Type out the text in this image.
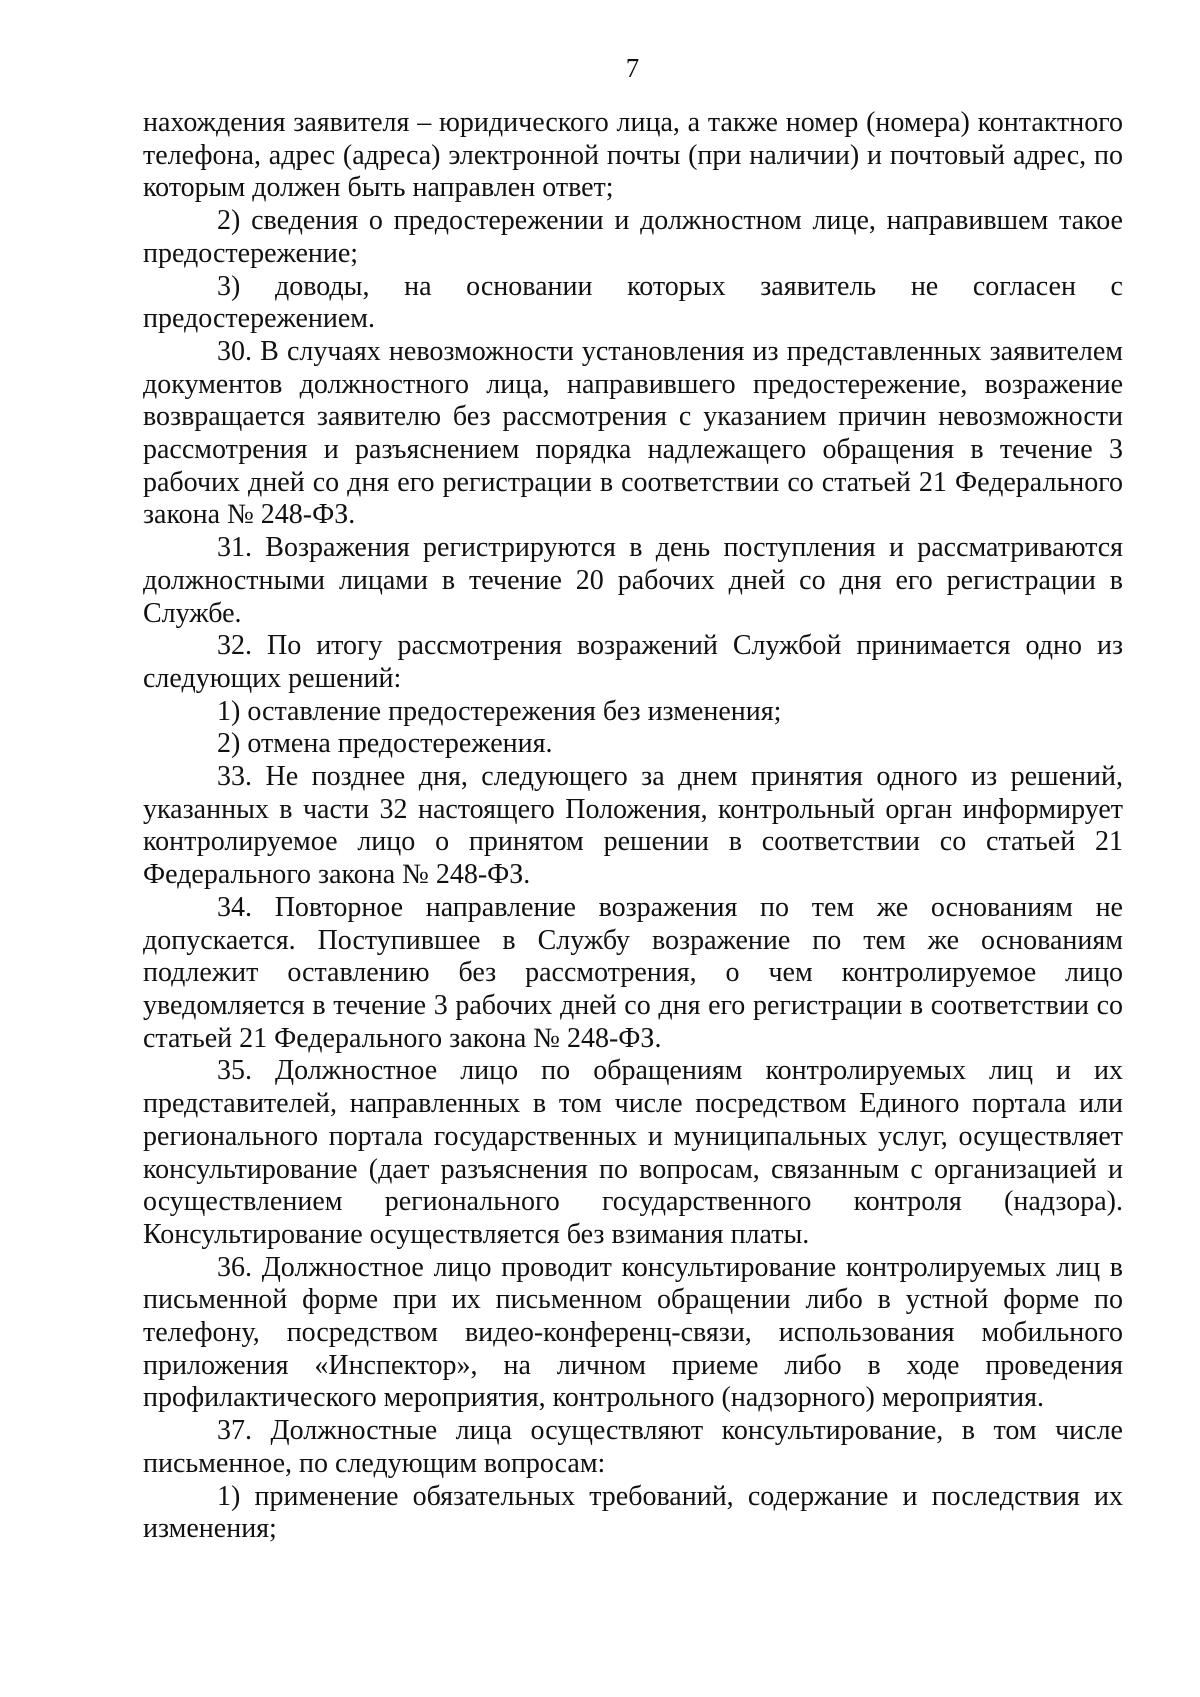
7

нахождения заявителя – юридического лица, а также номер (номера) контактного телефона, адрес (адреса) электронной почты (при наличии) и почтовый адрес, по которым должен быть направлен ответ;

2) сведения о предостережении и должностном лице, направившем такое предостережение;

3) доводы, на основании которых заявитель не согласен с предостережением.

30. В случаях невозможности установления из представленных заявителем документов должностного лица, направившего предостережение, возражение возвращается заявителю без рассмотрения с указанием причин невозможности рассмотрения и разъяснением порядка надлежащего обращения в течение 3 рабочих дней со дня его регистрации в соответствии со статьей 21 Федерального закона № 248-ФЗ.

31. Возражения регистрируются в день поступления и рассматриваются должностными лицами в течение 20 рабочих дней со дня его регистрации в Службе.

32. По итогу рассмотрения возражений Службой принимается одно из следующих решений:

1) оставление предостережения без изменения;

2) отмена предостережения.

33. Не позднее дня, следующего за днем принятия одного из решений, указанных в части 32 настоящего Положения, контрольный орган информирует контролируемое лицо о принятом решении в соответствии со статьей 21 Федерального закона № 248-ФЗ.

34. Повторное направление возражения по тем же основаниям не допускается. Поступившее в Службу возражение по тем же основаниям подлежит оставлению без рассмотрения, о чем контролируемое лицо уведомляется в течение 3 рабочих дней со дня его регистрации в соответствии со статьей 21 Федерального закона № 248-ФЗ.

35. Должностное лицо по обращениям контролируемых лиц и их представителей, направленных в том числе посредством Единого портала или регионального портала государственных и муниципальных услуг, осуществляет консультирование (дает разъяснения по вопросам, связанным с организацией и осуществлением регионального государственного контроля (надзора). Консультирование осуществляется без взимания платы.

36. Должностное лицо проводит консультирование контролируемых лиц в письменной форме при их письменном обращении либо в устной форме по телефону, посредством видео-конференц-связи, использования мобильного приложения «Инспектор», на личном приеме либо в ходе проведения профилактического мероприятия, контрольного (надзорного) мероприятия.

37. Должностные лица осуществляют консультирование, в том числе письменное, по следующим вопросам:

1) применение обязательных требований, содержание и последствия их изменения;
